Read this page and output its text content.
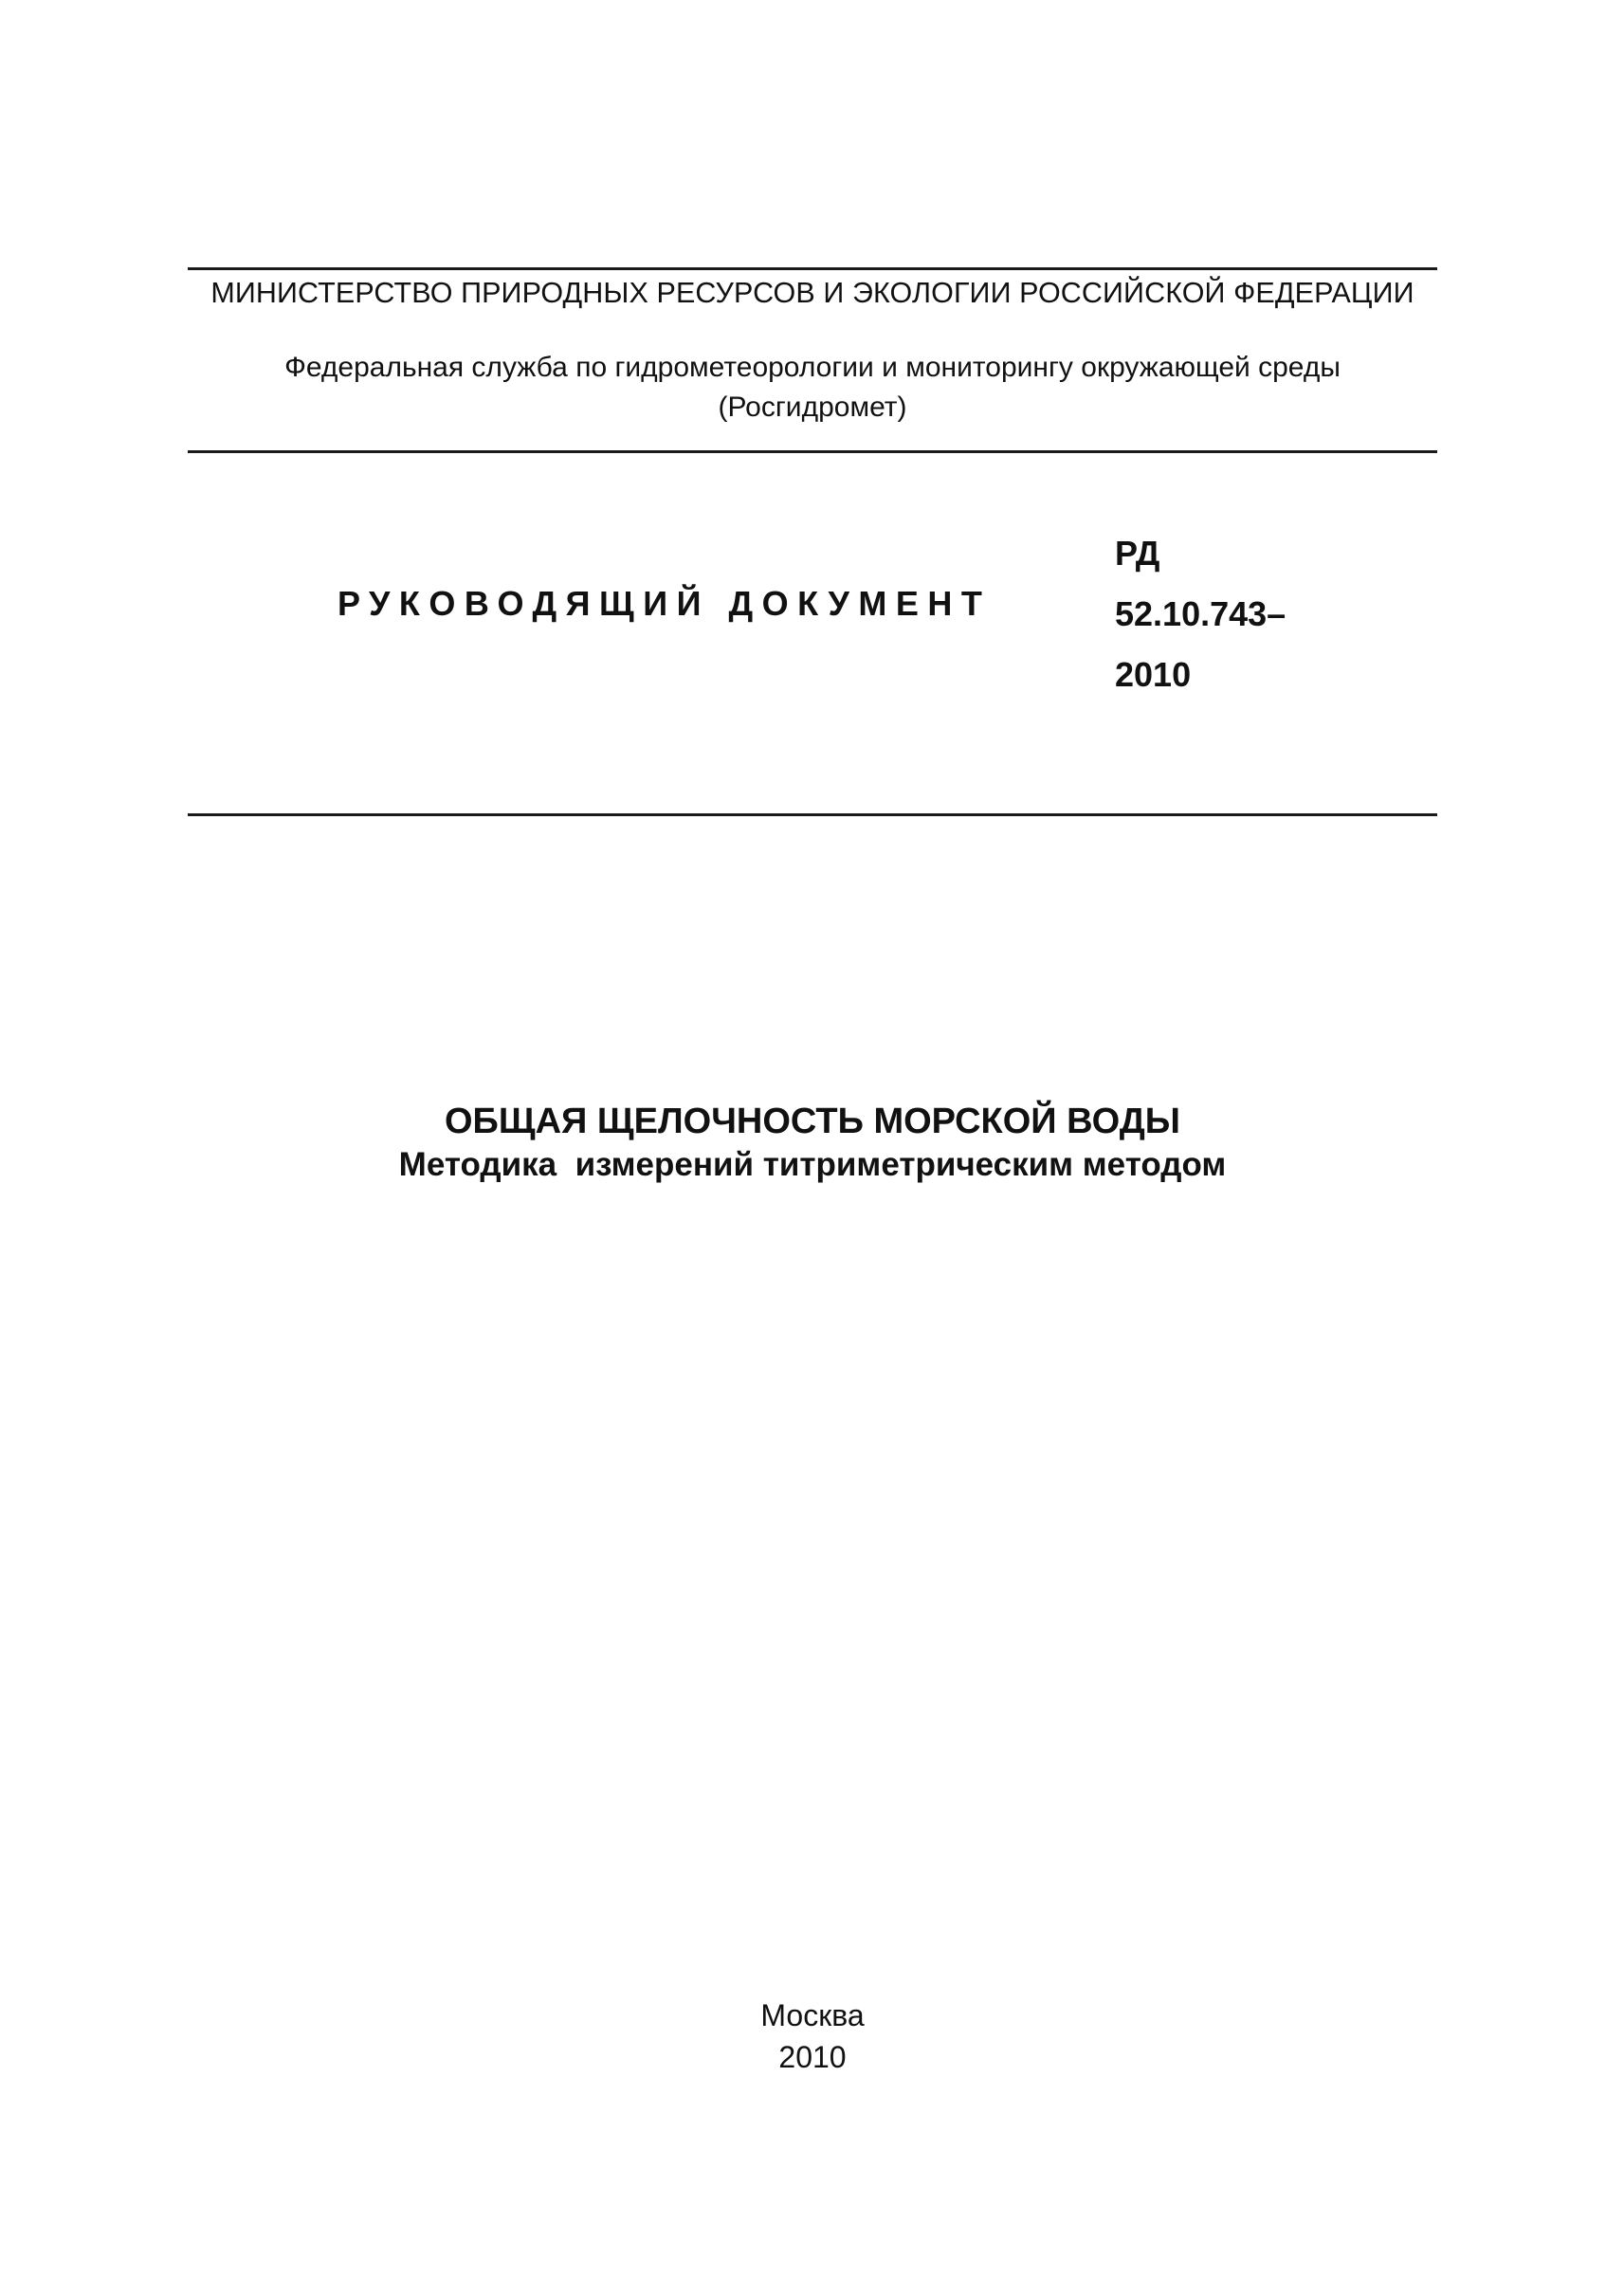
МИНИСТЕРСТВО ПРИРОДНЫХ РЕСУРСОВ И ЭКОЛОГИИ РОССИЙСКОЙ ФЕДЕРАЦИИ
Федеральная служба по гидрометеорологии и мониторингу окружающей среды
(Росгидромет)
РУКОВОДЯЩИЙ ДОКУМЕНТ
РД
52.10.743–
2010
ОБЩАЯ ЩЕЛОЧНОСТЬ МОРСКОЙ ВОДЫ
Методика  измерений титриметрическим методом
Москва
2010
